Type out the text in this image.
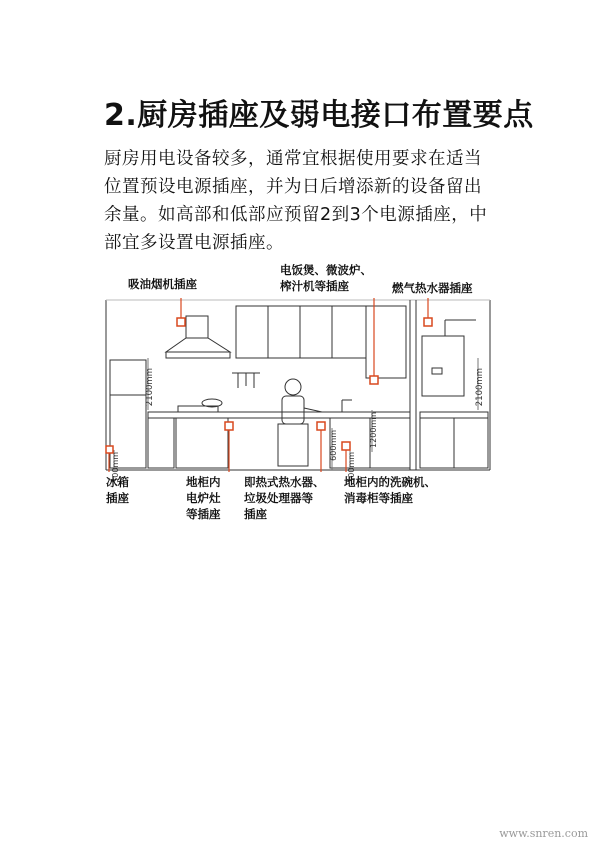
2.厨房插座及弱电接口布置要点
厨房用电设备较多，通常宜根据使用要求在适当
位置预设电源插座，并为日后增添新的设备留出
余量。如高部和低部应预留2到3个电源插座，中
部宜多设置电源插座。
2100mm
300mm
600mm
300mm
1200mm
2100mm
吸油烟机插座
电饭煲、微波炉、
榨汁机等插座	燃气热水器插座
冰箱
插座
地柜内
电炉灶
等插座
即热式热水器、
垃圾处理器等
插座
地柜内的洗碗机、
消毒柜等插座
www.snren.com
